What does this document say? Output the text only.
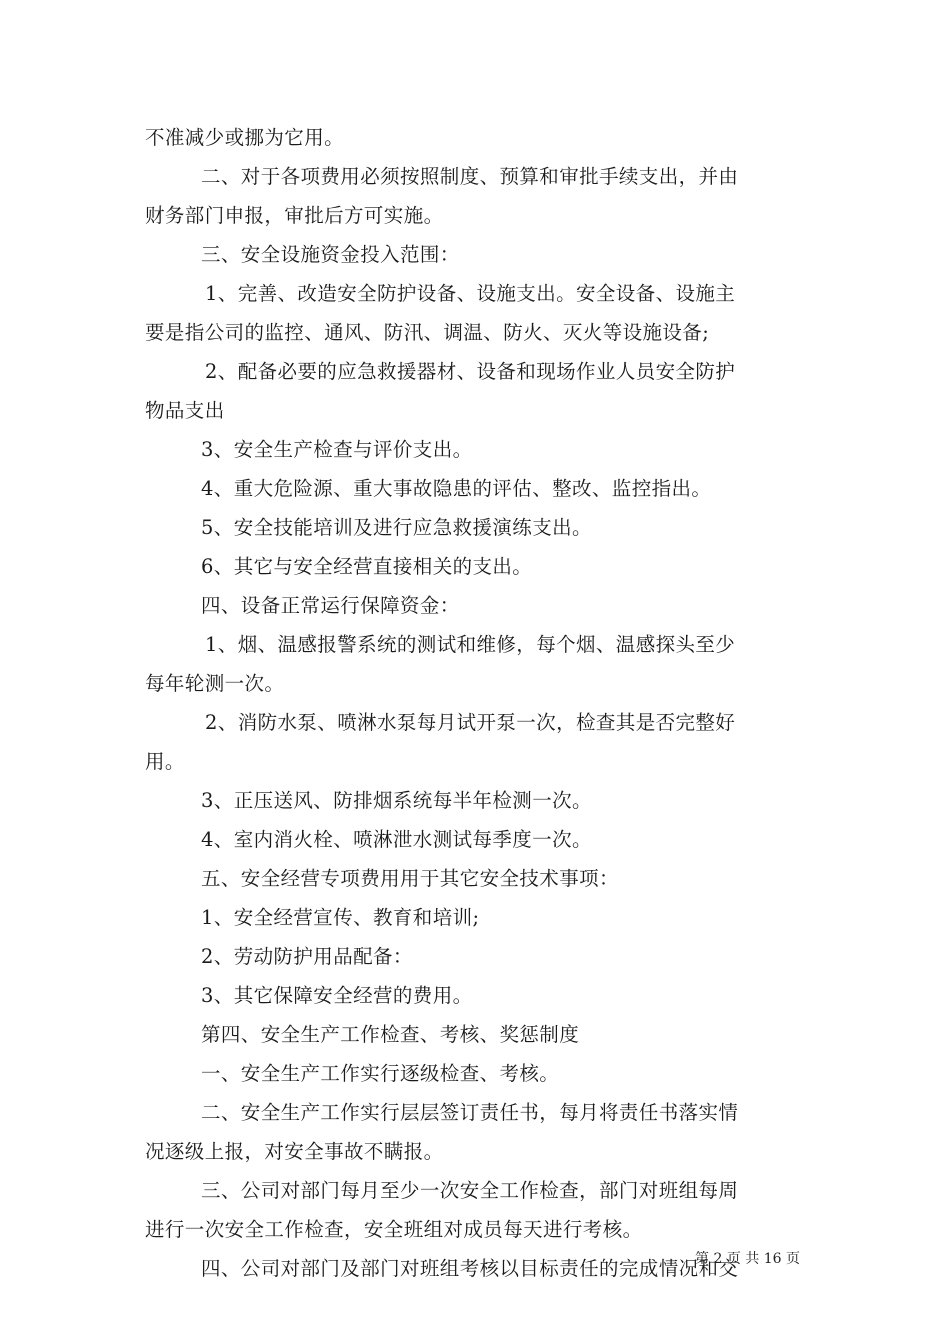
不准减少或挪为它用。
二、对于各项费用必须按照制度、预算和审批手续支出，并由
财务部门申报，审批后方可实施。
三、安全设施资金投入范围：
1、完善、改造安全防护设备、设施支出。安全设备、设施主
要是指公司的监控、通风、防汛、调温、防火、灭火等设施设备;
2、配备必要的应急救援器材、设备和现场作业人员安全防护
物品支出
3、安全生产检查与评价支出。
4、重大危险源、重大事故隐患的评估、整改、监控指出。
5、安全技能培训及进行应急救援演练支出。
6、其它与安全经营直接相关的支出。
四、设备正常运行保障资金：
1、烟、温感报警系统的测试和维修，每个烟、温感探头至少
每年轮测一次。
2、消防水泵、喷淋水泵每月试开泵一次，检查其是否完整好
用。
3、正压送风、防排烟系统每半年检测一次。
4、室内消火栓、喷淋泄水测试每季度一次。
五、安全经营专项费用用于其它安全技术事项：
1、安全经营宣传、教育和培训;
2、劳动防护用品配备：
3、其它保障安全经营的费用。
第四、安全生产工作检查、考核、奖惩制度
一、安全生产工作实行逐级检查、考核。
二、安全生产工作实行层层签订责任书，每月将责任书落实情
况逐级上报，对安全事故不瞒报。
三、公司对部门每月至少一次安全工作检查，部门对班组每周
进行一次安全工作检查，安全班组对成员每天进行考核。
四、公司对部门及部门对班组考核以目标责任的完成情况和交
第 2 页 共 16 页
